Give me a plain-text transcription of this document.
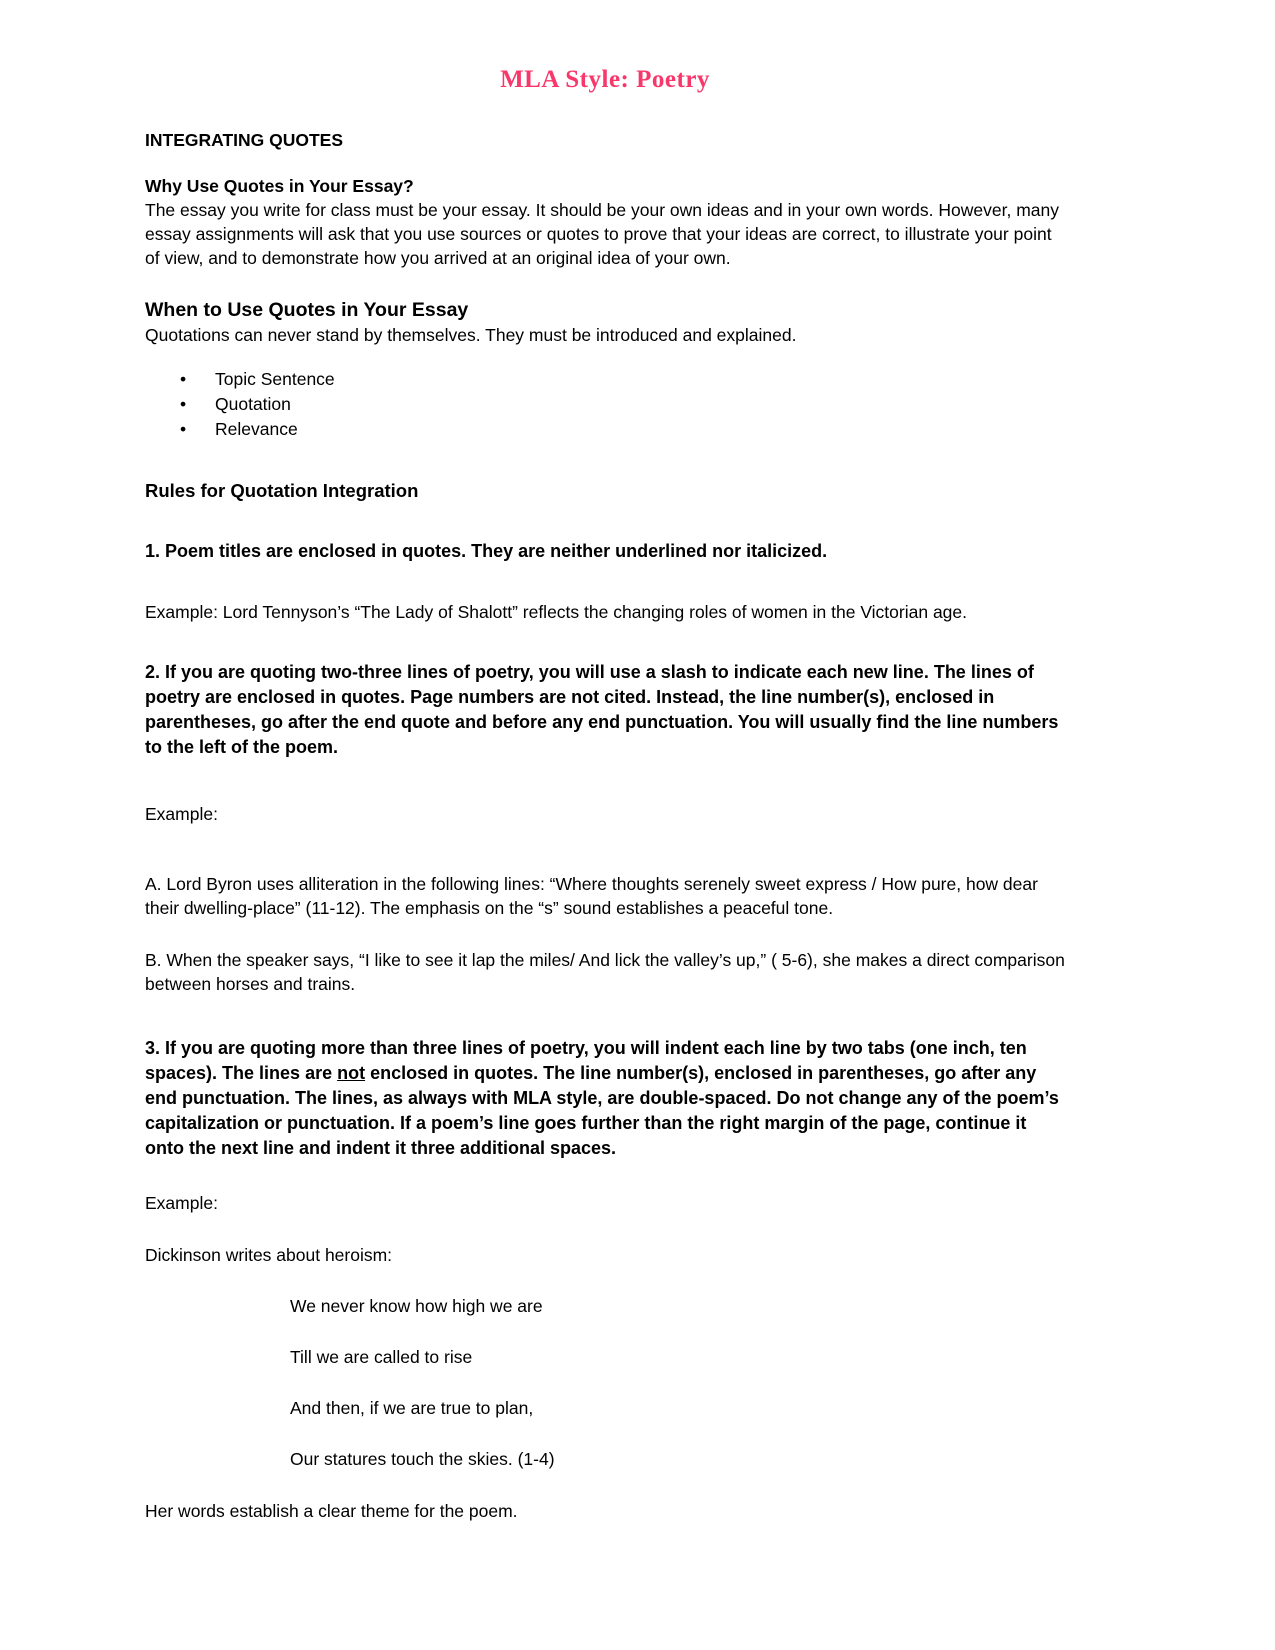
MLA Style: Poetry

INTEGRATING QUOTES

Why Use Quotes in Your Essay?

The essay you write for class must be your essay. It should be your own ideas and in your own words. However, many essay assignments will ask that you use sources or quotes to prove that your ideas are correct, to illustrate your point of view, and to demonstrate how you arrived at an original idea of your own.

When to Use Quotes in Your Essay

Quotations can never stand by themselves. They must be introduced and explained.

•
Topic Sentence
•
Quotation
•
Relevance

Rules for Quotation Integration

1. Poem titles are enclosed in quotes. They are neither underlined nor italicized.

Example: Lord Tennyson’s “The Lady of Shalott” reflects the changing roles of women in the Victorian age.

2. If you are quoting two-three lines of poetry, you will use a slash to indicate each new line. The lines of poetry are enclosed in quotes. Page numbers are not cited. Instead, the line number(s), enclosed in parentheses, go after the end quote and before any end punctuation. You will usually find the line numbers to the left of the poem.

Example:

A. Lord Byron uses alliteration in the following lines: “Where thoughts serenely sweet express / How pure, how dear their dwelling-place” (11-12). The emphasis on the “s” sound establishes a peaceful tone.

B. When the speaker says, “I like to see it lap the miles/ And lick the valley’s up,” ( 5-6), she makes a direct comparison between horses and trains.

3. If you are quoting more than three lines of poetry, you will indent each line by two tabs (one inch, ten spaces). The lines are not enclosed in quotes. The line number(s), enclosed in parentheses, go after any end punctuation. The lines, as always with MLA style, are double-spaced. Do not change any of the poem’s capitalization or punctuation. If a poem’s line goes further than the right margin of the page, continue it onto the next line and indent it three additional spaces.

Example:

Dickinson writes about heroism:

We never know how high we are

Till we are called to rise

And then, if we are true to plan,

Our statures touch the skies. (1-4)

Her words establish a clear theme for the poem.
